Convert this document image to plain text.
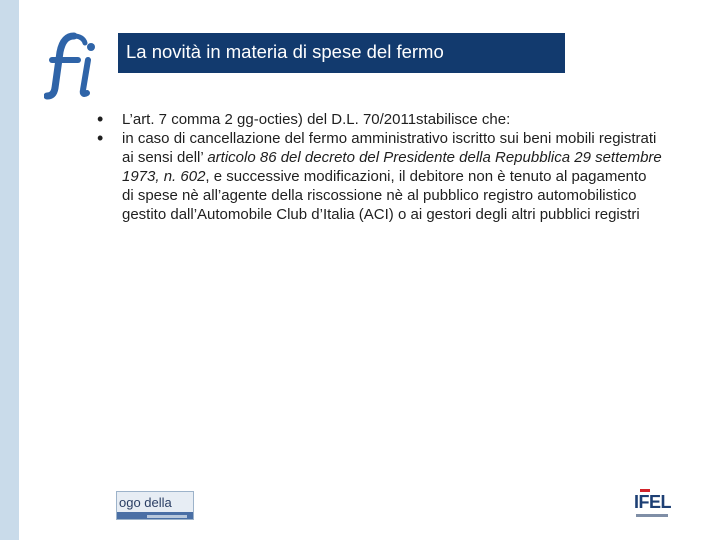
La novità in materia di spese del fermo
• L’art. 7 comma 2 gg-octies) del D.L. 70/2011stabilisce che:
• in caso di cancellazione del fermo amministrativo iscritto sui beni mobili registrati ai sensi dell’ articolo 86 del decreto del Presidente della Repubblica 29 settembre 1973, n. 602, e successive modificazioni, il debitore non è tenuto al pagamento di spese nè all’agente della riscossione nè al pubblico registro automobilistico gestito dall’Automobile Club d’Italia (ACI) o ai gestori degli altri pubblici registri
ogo della	IFEL
